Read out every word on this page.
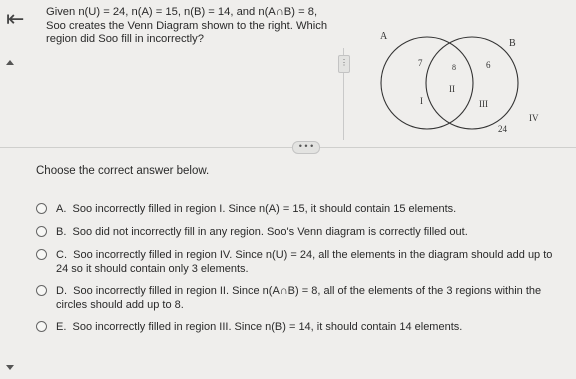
⇤ Given n(U) = 24, n(A) = 15, n(B) = 14, and n(A∩B) = 8, Soo creates the Venn Diagram shown to the right. Which region did Soo fill in incorrectly?
⋮
A
B
7	8	6
II
I	III
IV
24
• • •
Choose the correct answer below.
A. Soo incorrectly filled in region I. Since n(A) = 15, it should contain 15 elements.
B. Soo did not incorrectly fill in any region. Soo's Venn diagram is correctly filled out.
C. Soo incorrectly filled in region IV. Since n(U) = 24, all the elements in the diagram should add up to 24 so it should contain only 3 elements.
D. Soo incorrectly filled in region II. Since n(A∩B) = 8, all of the elements of the 3 regions within the circles should add up to 8.
E. Soo incorrectly filled in region III. Since n(B) = 14, it should contain 14 elements.
